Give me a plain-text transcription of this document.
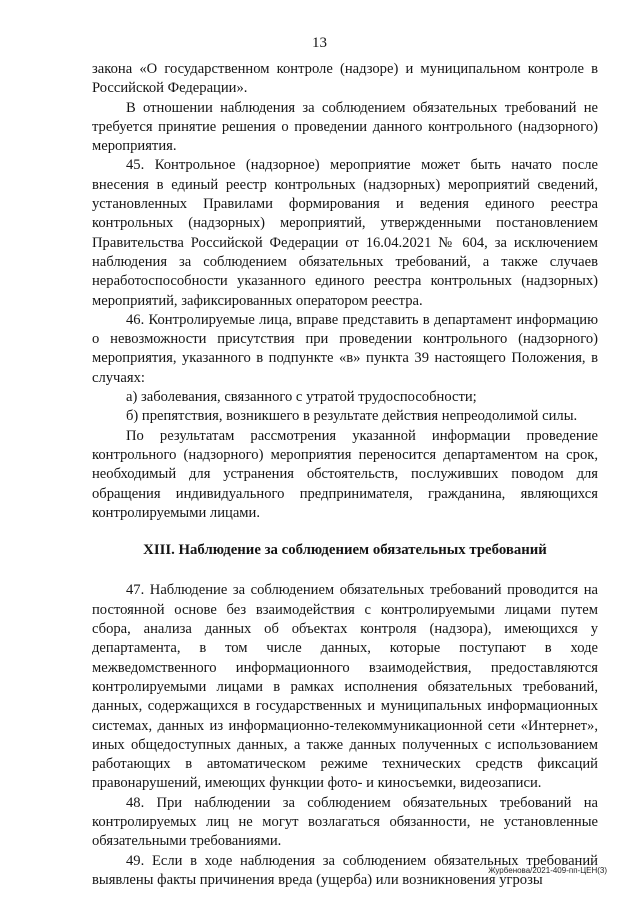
13

закона «О государственном контроле (надзоре) и муниципальном контроле в Российской Федерации».

В отношении наблюдения за соблюдением обязательных требований не требуется принятие решения о проведении данного контрольного (надзорного) мероприятия.

45. Контрольное (надзорное) мероприятие может быть начато после внесения в единый реестр контрольных (надзорных) мероприятий сведений, установленных Правилами формирования и ведения единого реестра контрольных (надзорных) мероприятий, утвержденными постановлением Правительства Российской Федерации от 16.04.2021 № 604, за исключением наблюдения за соблюдением обязательных требований, а также случаев неработоспособности указанного единого реестра контрольных (надзорных) мероприятий, зафиксированных оператором реестра.

46. Контролируемые лица, вправе представить в департамент информацию о невозможности присутствия при проведении контрольного (надзорного) мероприятия, указанного в подпункте «в» пункта 39 настоящего Положения, в случаях:

а) заболевания, связанного с утратой трудоспособности;

б) препятствия, возникшего в результате действия непреодолимой силы.

По результатам рассмотрения указанной информации проведение контрольного (надзорного) мероприятия переносится департаментом на срок, необходимый для устранения обстоятельств, послуживших поводом для обращения индивидуального предпринимателя, гражданина, являющихся контролируемыми лицами.

XIII. Наблюдение за соблюдением обязательных требований

47. Наблюдение за соблюдением обязательных требований проводится на постоянной основе без взаимодействия с контролируемыми лицами путем сбора, анализа данных об объектах контроля (надзора), имеющихся у департамента, в том числе данных, которые поступают в ходе межведомственного информационного взаимодействия, предоставляются контролируемыми лицами в рамках исполнения обязательных требований, данных, содержащихся в государственных и муниципальных информационных системах, данных из информационно-телекоммуникационной сети «Интернет», иных общедоступных данных, а также данных полученных с использованием работающих в автоматическом режиме технических средств фиксаций правонарушений, имеющих функции фото- и киносъемки, видеозаписи.

48. При наблюдении за соблюдением обязательных требований на контролируемых лиц не могут возлагаться обязанности, не установленные обязательными требованиями.

49. Если в ходе наблюдения за соблюдением обязательных требований выявлены факты причинения вреда (ущерба) или возникновения угрозы

Журбенова/2021-409-пп-ЦЕН(3)
